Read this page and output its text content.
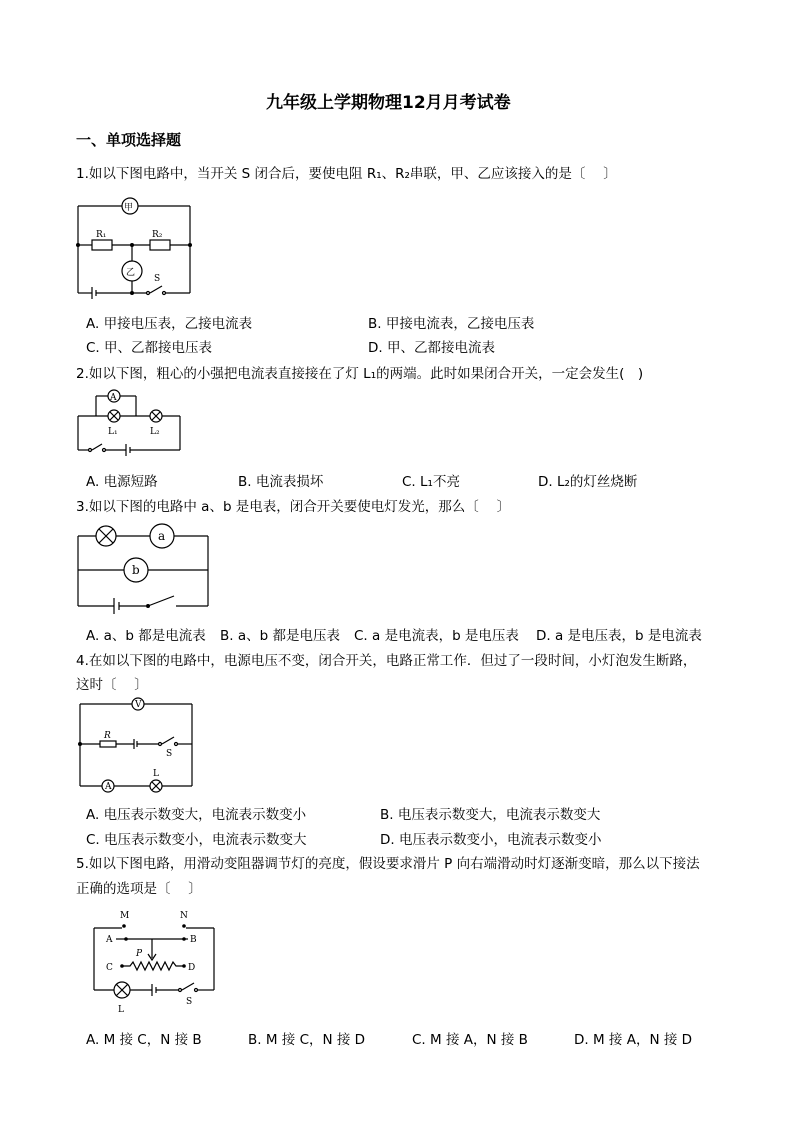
九年级上学期物理12月月考试卷
一、单项选择题
1.如以下图电路中，当开关 S 闭合后，要使电阻 R₁、R₂串联，甲、乙应该接入的是〔 　〕
甲
R₁	R₂
乙
S
A. 甲接电压表，乙接电流表	B. 甲接电流表，乙接电压表
C. 甲、乙都接电压表	D. 甲、乙都接电流表
2.如以下图，粗心的小强把电流表直接接在了灯 L₁的两端。此时如果闭合开关，一定会发生(　)
A
L₁	L₂
A. 电源短路	B. 电流表损坏	C. L₁不亮	D. L₂的灯丝烧断
3.如以下图的电路中 a、b 是电表，闭合开关要使电灯发光，那么〔 　〕
a
b
A. a、b 都是电流表 B. a、b 都是电压表 C. a 是电流表，b 是电压表 D. a 是电压表，b 是电流表
4.在如以下图的电路中，电源电压不变，闭合开关，电路正常工作．但过了一段时间，小灯泡发生断路，
这时〔 　〕
V
R
S
A
L
A. 电压表示数变大，电流表示数变小	B. 电压表示数变大，电流表示数变大
C. 电压表示数变小，电流表示数变大	D. 电压表示数变小，电流表示数变小
5.如以下图电路，用滑动变阻器调节灯的亮度，假设要求滑片 P 向右端滑动时灯逐渐变暗，那么以下接法
正确的选项是〔 　〕
M	N
A	B
P
C	D
L
S
A. M 接 C，N 接 B	B. M 接 C，N 接 D	C. M 接 A，N 接 B	D. M 接 A，N 接 D
